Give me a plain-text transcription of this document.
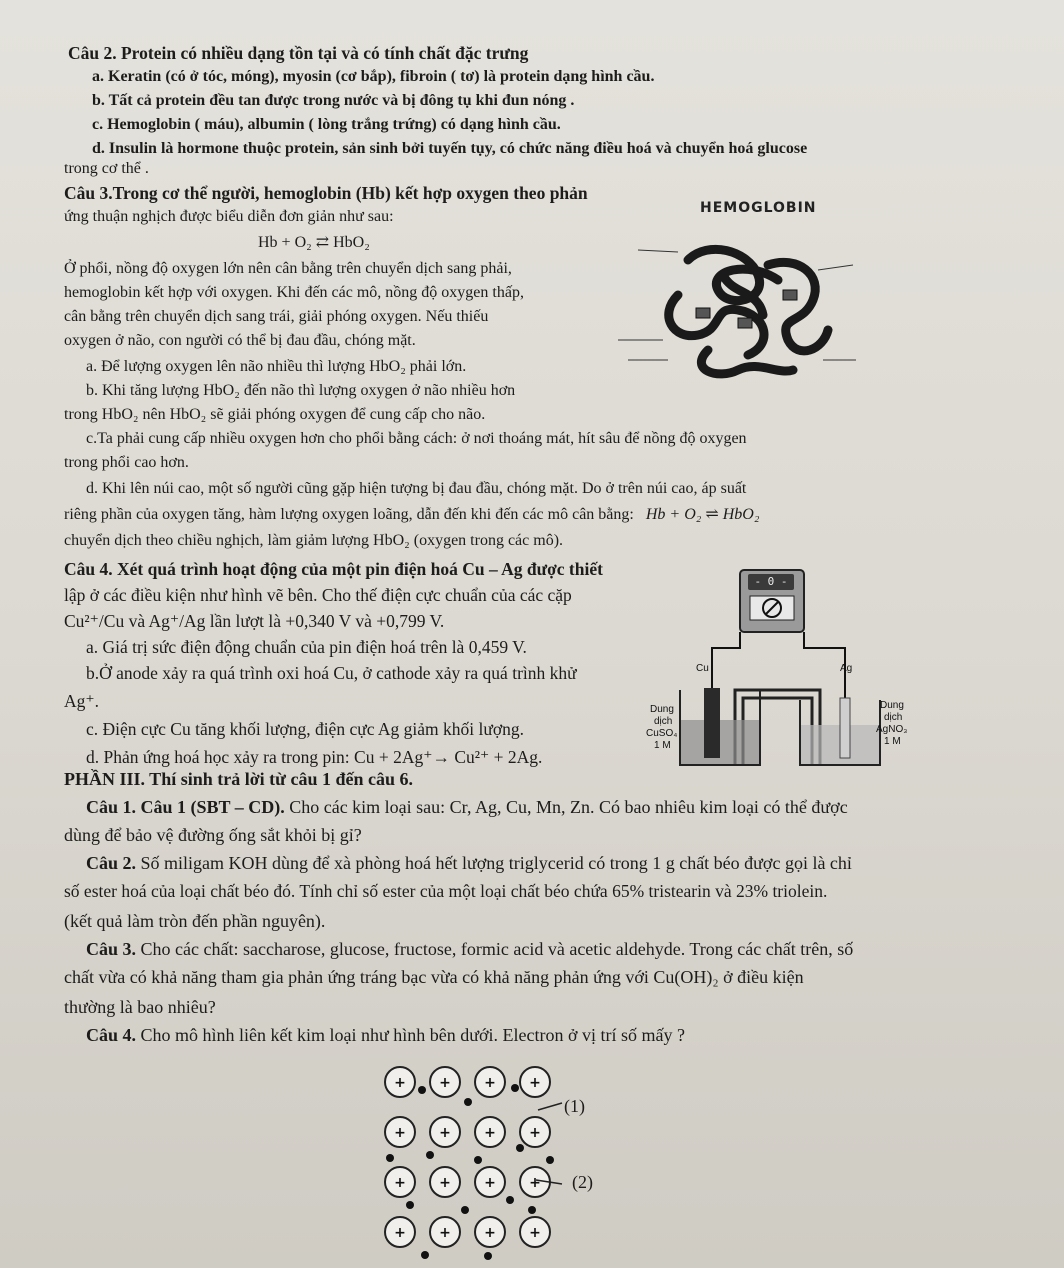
Câu 2. Protein có nhiều dạng tồn tại và có tính chất đặc trưng
a. Keratin (có ở tóc, móng), myosin (cơ bắp), fibroin ( tơ) là protein dạng hình cầu.
b. Tất cả protein đều tan được trong nước và bị đông tụ khi đun nóng .
c. Hemoglobin ( máu), albumin ( lòng trắng trứng) có dạng hình cầu.
d. Insulin là hormone thuộc protein, sản sinh bởi tuyến tụy, có chức năng điều hoá và chuyển hoá glucose
trong cơ thể .
Câu 3.Trong cơ thể người, hemoglobin (Hb) kết hợp oxygen theo phản
ứng thuận nghịch được biểu diễn đơn giản như sau:
Hb + O₂ ⇄ HbO₂
Ở phổi, nồng độ oxygen lớn nên cân bằng trên chuyển dịch sang phải,
hemoglobin kết hợp với oxygen. Khi đến các mô, nồng độ oxygen thấp,
cân bằng trên chuyển dịch sang trái, giải phóng oxygen. Nếu thiếu
oxygen ở não, con người có thể bị đau đầu, chóng mặt.
a. Để lượng oxygen lên não nhiều thì lượng HbO₂ phải lớn.
b. Khi tăng lượng HbO₂ đến não thì lượng oxygen ở não nhiều hơn
trong HbO₂ nên HbO₂ sẽ giải phóng oxygen để cung cấp cho não.
c.Ta phải cung cấp nhiều oxygen hơn cho phổi bằng cách: ở nơi thoáng mát, hít sâu để nồng độ oxygen
trong phổi cao hơn.
d. Khi lên núi cao, một số người cũng gặp hiện tượng bị đau đầu, chóng mặt. Do ở trên núi cao, áp suất
riêng phần của oxygen tăng, hàm lượng oxygen loãng, dẫn đến khi đến các mô cân bằng: Hb + O₂ ⇌ HbO₂
chuyển dịch theo chiều nghịch, làm giảm lượng HbO₂ (oxygen trong các mô).
HEMOGLOBIN
Câu 4. Xét quá trình hoạt động của một pin điện hoá Cu – Ag được thiết
lập ở các điều kiện như hình vẽ bên. Cho thế điện cực chuẩn của các cặp
Cu²⁺/Cu và Ag⁺/Ag lần lượt là +0,340 V và +0,799 V.
a. Giá trị sức điện động chuẩn của pin điện hoá trên là 0,459 V.
b.Ở anode xảy ra quá trình oxi hoá Cu, ở cathode xảy ra quá trình khử
Ag⁺.
c. Điện cực Cu tăng khối lượng, điện cực Ag giảm khối lượng.
d. Phản ứng hoá học xảy ra trong pin: Cu + 2Ag⁺→ Cu²⁺ + 2Ag.
- 0 -
Cu	Ag
Dung
dịch
CuSO₄
1 M
Dung
dịch
AgNO₃
1 M
PHẦN III. Thí sinh trả lời từ câu 1 đến câu 6.
Câu 1. Câu 1 (SBT – CD). Cho các kim loại sau: Cr, Ag, Cu, Mn, Zn. Có bao nhiêu kim loại có thể được
dùng để bảo vệ đường ống sắt khỏi bị gỉ?
Câu 2. Số miligam KOH dùng để xà phòng hoá hết lượng triglycerid có trong 1 g chất béo được gọi là chỉ
số ester hoá của loại chất béo đó. Tính chỉ số ester của một loại chất béo chứa 65% tristearin và 23% triolein.
(kết quả làm tròn đến phần nguyên).
Câu 3. Cho các chất: saccharose, glucose, fructose, formic acid và acetic aldehyde. Trong các chất trên, số
chất vừa có khả năng tham gia phản ứng tráng bạc vừa có khả năng phản ứng với Cu(OH)₂ ở điều kiện
thường là bao nhiêu?
Câu 4. Cho mô hình liên kết kim loại như hình bên dưới. Electron ở vị trí số mấy ?
+ + + +
+ + + +
+ + + +
+ + + +
(1)
(2)
